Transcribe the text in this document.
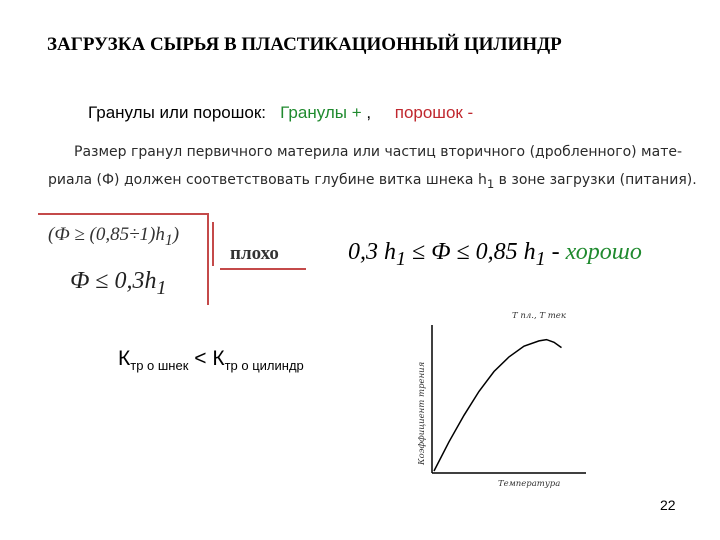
ЗАГРУЗКА СЫРЬЯ В ПЛАСТИКАЦИОННЫЙ ЦИЛИНДР
Гранулы или порошок: Гранулы + , порошок -
Размер гранул первичного материла или частиц вторичного (дробленного) мате-
риала (Ф) должен соответствовать глубине витка шнека $h_1$ в зоне загрузки (питания).
$(Ф \ge (0,85\div 1)h_1)$
$Ф \le 0,3h_1$
плохо	0,3 $h_1 \le Ф \le 0,85$ $h_1$ - хорошо
$К_{тр о шнек} < К_{тр о цилиндр}$	Коэффициент трения
Температура
Т пл., Т тек
22
